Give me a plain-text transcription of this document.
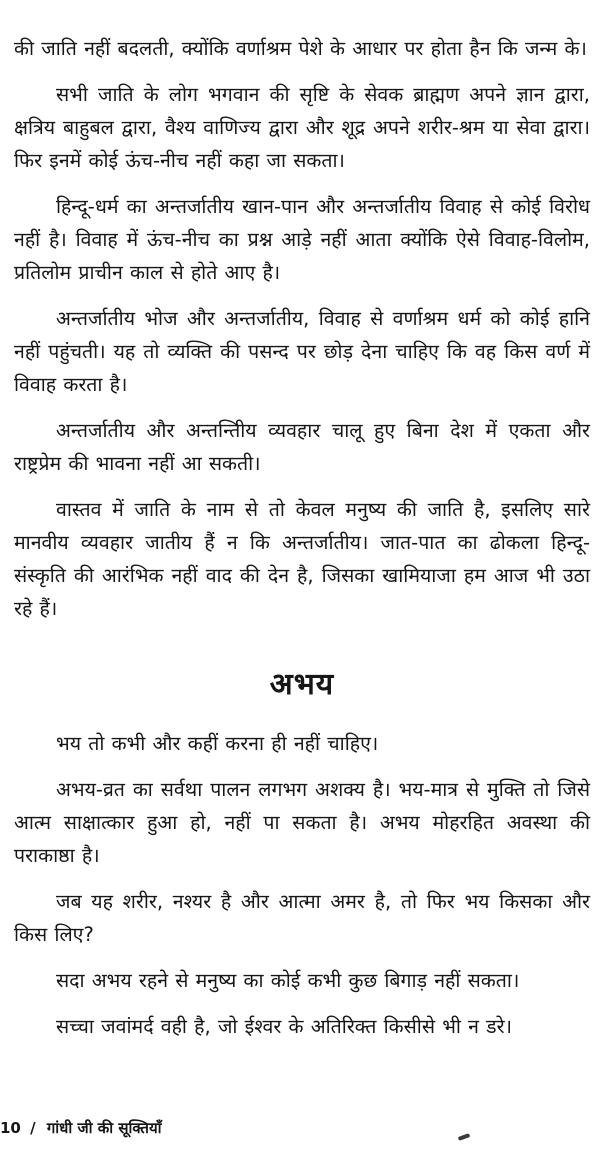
की जाति नहीं बदलती, क्योंकि वर्णाश्रम पेशे के आधार पर होता हैन कि जन्म के।

सभी जाति के लोग भगवान की सृष्टि के सेवक ब्राह्मण अपने ज्ञान द्वारा, क्षत्रिय बाहुबल द्वारा, वैश्य वाणिज्य द्वारा और शूद्र अपने शरीर-श्रम या सेवा द्वारा। फिर इनमें कोई ऊंच-नीच नहीं कहा जा सकता।

हिन्दू-धर्म का अन्तर्जातीय खान-पान और अन्तर्जातीय विवाह से कोई विरोध नहीं है। विवाह में ऊंच-नीच का प्रश्न आड़े नहीं आता क्योंकि ऐसे विवाह-विलोम, प्रतिलोम प्राचीन काल से होते आए है।

अन्तर्जातीय भोज और अन्तर्जातीय, विवाह से वर्णाश्रम धर्म को कोई हानि नहीं पहुंचती। यह तो व्यक्ति की पसन्द पर छोड़ देना चाहिए कि वह किस वर्ण में विवाह करता है।

अन्तर्जातीय और अन्तन्तिीय व्यवहार चालू हुए बिना देश में एकता और राष्ट्रप्रेम की भावना नहीं आ सकती।

वास्तव में जाति के नाम से तो केवल मनुष्य की जाति है, इसलिए सारे मानवीय व्यवहार जातीय हैं न कि अन्तर्जातीय। जात-पात का ढोकला हिन्दू-संस्कृति की आरंभिक नहीं वाद की देन है, जिसका खामियाजा हम आज भी उठा रहे हैं।

अभय

भय तो कभी और कहीं करना ही नहीं चाहिए।

अभय-व्रत का सर्वथा पालन लगभग अशक्य है। भय-मात्र से मुक्ति तो जिसे आत्म साक्षात्कार हुआ हो, नहीं पा सकता है। अभय मोहरहित अवस्था की पराकाष्ठा है।

जब यह शरीर, नश्यर है और आत्मा अमर है, तो फिर भय किसका और किस लिए?

सदा अभय रहने से मनुष्य का कोई कभी कुछ बिगाड़ नहीं सकता।

सच्चा जवांमर्द वही है, जो ईश्वर के अतिरिक्त किसीसे भी न डरे।

10 / गांधी जी की सूक्तियाँ
